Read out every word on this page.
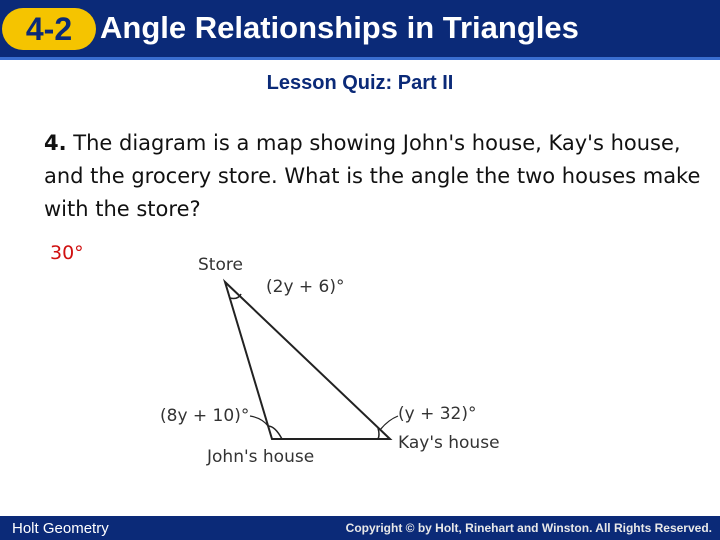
4-2 Angle Relationships in Triangles
Lesson Quiz: Part II
4. The diagram is a map showing John's house, Kay's house, and the grocery store. What is the angle the two houses make with the store?
30°
Store
(2y + 6)°
(8y + 10)°	(y + 32)°
Kay's house
John's house
Holt Geometry	Copyright © by Holt, Rinehart and Winston. All Rights Reserved.
